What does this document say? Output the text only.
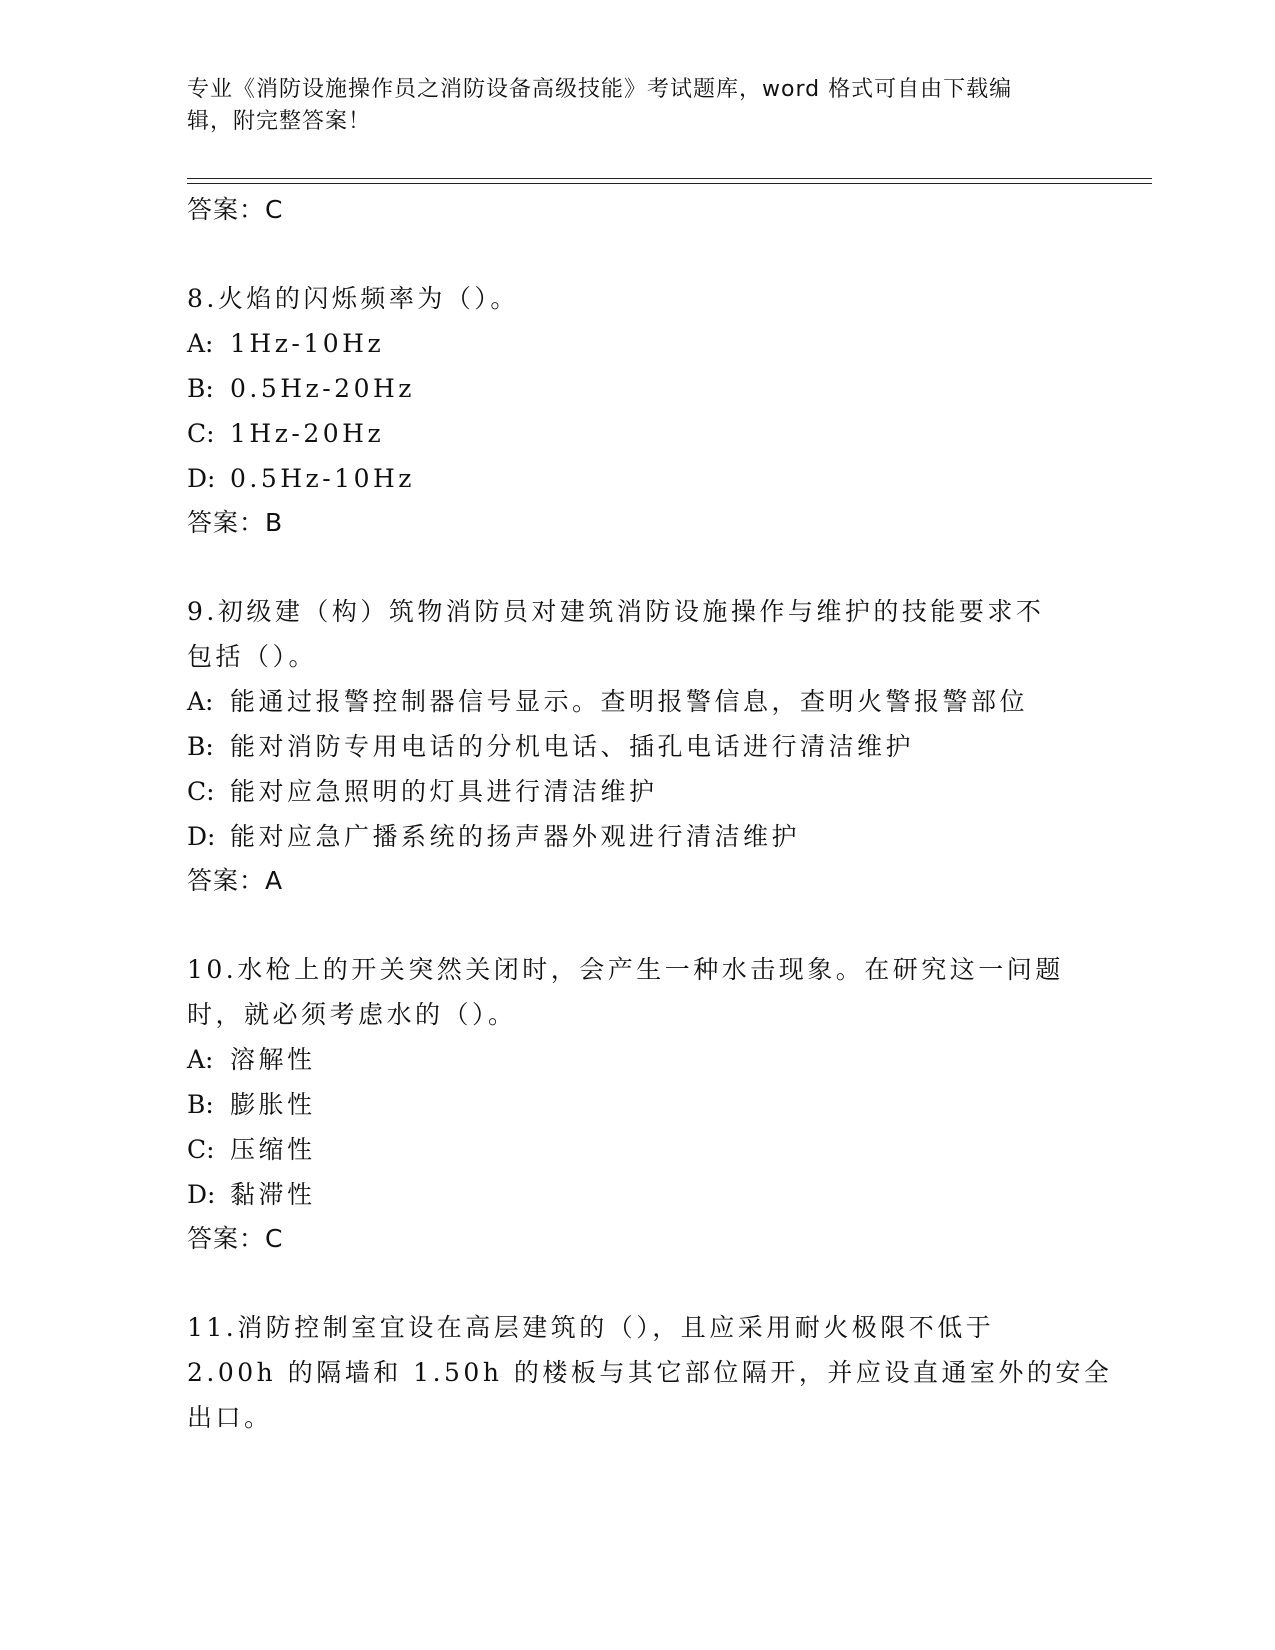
专业《消防设施操作员之消防设备高级技能》考试题库，word 格式可自由下载编
辑，附完整答案！
答案：C
8.火焰的闪烁频率为（）。
A: 1Hz-10Hz
B: 0.5Hz-20Hz
C: 1Hz-20Hz
D: 0.5Hz-10Hz
答案：B
9.初级建（构）筑物消防员对建筑消防设施操作与维护的技能要求不
包括（）。
A: 能通过报警控制器信号显示。查明报警信息，查明火警报警部位
B: 能对消防专用电话的分机电话、插孔电话进行清洁维护
C: 能对应急照明的灯具进行清洁维护
D: 能对应急广播系统的扬声器外观进行清洁维护
答案：A
10.水枪上的开关突然关闭时，会产生一种水击现象。在研究这一问题
时，就必须考虑水的（）。
A: 溶解性
B: 膨胀性
C: 压缩性
D: 黏滞性
答案：C
11.消防控制室宜设在高层建筑的（），且应采用耐火极限不低于
2.00h 的隔墙和 1.50h 的楼板与其它部位隔开，并应设直通室外的安全
出口。
